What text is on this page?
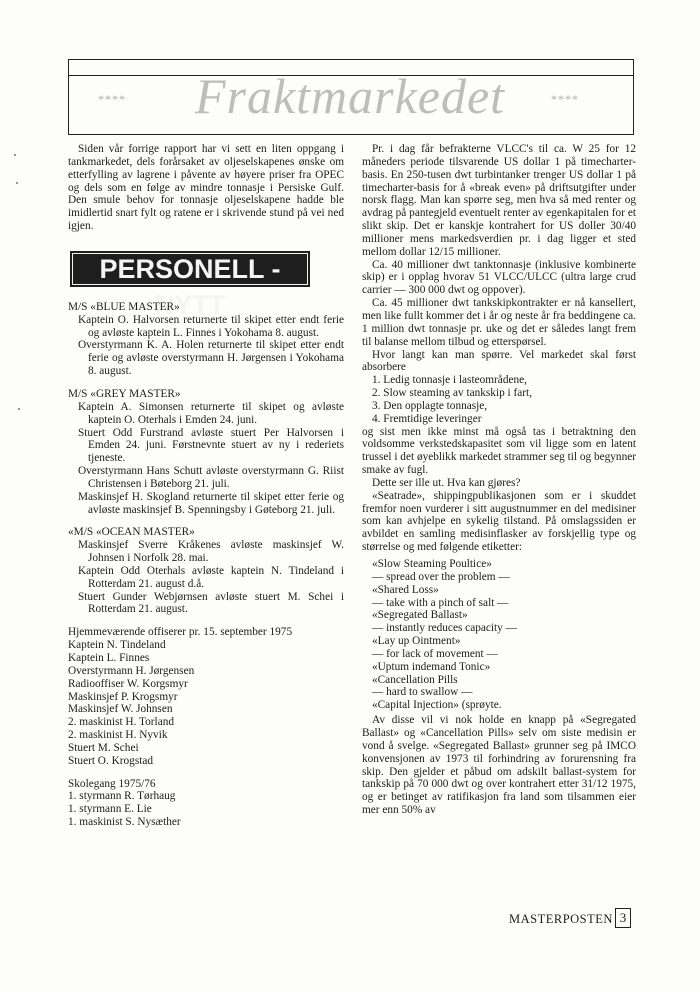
****	Fraktmarkedet	****

Siden vår forrige rapport har vi sett en liten oppgang i tankmarkedet, dels forårsaket av oljeselskapenes ønske om etterfylling av lagrene i påvente av høyere priser fra OPEC og dels som en følge av mindre tonnasje i Persiske Gulf. Den smule behov for tonnasje oljeselskapene hadde ble imidlertid snart fylt og ratene er i skrivende stund på vei ned igjen.

PERSONELL - NYTT

M/S «BLUE MASTER»

Kaptein O. Halvorsen returnerte til skipet etter endt ferie og avløste kaptein L. Finnes i Yokohama 8. august.

Overstyrmann K. A. Holen returnerte til skipet etter endt ferie og avløste overstyrmann H. Jørgensen i Yokohama 8. august.

M/S «GREY MASTER»

Kaptein A. Simonsen returnerte til skipet og avløste kaptein O. Oterhals i Emden 24. juni.

Stuert Odd Furstrand avløste stuert Per Halvorsen i Emden 24. juni. Førstnevnte stuert av ny i rederiets tjeneste.

Overstyrmann Hans Schutt avløste overstyrmann G. Riist Christensen i Bøteborg 21. juli.

Maskinsjef H. Skogland returnerte til skipet etter ferie og avløste maskinsjef B. Spenningsby i Gøteborg 21. juli.

«M/S «OCEAN MASTER»

Maskinsjef Sverre Kråkenes avløste maskinsjef W. Johnsen i Norfolk 28. mai.

Kaptein Odd Oterhals avløste kaptein N. Tindeland i Rotterdam 21. august d.å.

Stuert Gunder Webjørnsen avløste stuert M. Schei i Rotterdam 21. august.

Hjemmeværende offiserer pr. 15. september 1975

Kaptein N. Tindeland
Kaptein L. Finnes
Overstyrmann H. Jørgensen
Radiooffiser W. Korgsmyr
Maskinsjef P. Krogsmyr
Maskinsjef W. Johnsen
2. maskinist H. Torland
2. maskinist H. Nyvik
Stuert M. Schei
Stuert O. Krogstad

Skolegang 1975/76

1. styrmann R. Tørhaug
1. styrmann E. Lie
1. maskinist S. Nysæther

Pr. i dag får befrakterne VLCC's til ca. W 25 for 12 måneders periode tilsvarende US dollar 1 på timecharter-basis. En 250-tusen dwt turbintanker trenger US dollar 1 på timecharter-basis for å «break even» på driftsutgifter under norsk flagg. Man kan spørre seg, men hva så med renter og avdrag på pantegjeld eventuelt renter av egenkapitalen for et slikt skip. Det er kanskje kontrahert for US doller 30/40 millioner mens markedsverdien pr. i dag ligger et sted mellom dollar 12/15 millioner.

Ca. 40 millioner dwt tanktonnasje (inklusive kombinerte skip) er i opplag hvorav 51 VLCC/ULCC (ultra large crud carrier — 300 000 dwt og oppover).

Ca. 45 millioner dwt tankskipkontrakter er nå kansellert, men like fullt kommer det i år og neste år fra beddingene ca. 1 million dwt tonnasje pr. uke og det er således langt frem til balanse mellom tilbud og etterspørsel.

Hvor langt kan man spørre. Vel markedet skal først absorbere

1. Ledig tonnasje i lasteområdene,
2. Slow steaming av tankskip i fart,
3. Den opplagte tonnasje,
4. Fremtidige leveringer

og sist men ikke minst må også tas i betraktning den voldsomme verkstedskapasitet som vil ligge som en latent trussel i det øyeblikk markedet strammer seg til og begynner smake av fugl.

Dette ser ille ut. Hva kan gjøres?

«Seatrade», shippingpublikasjonen som er i skuddet fremfor noen vurderer i sitt augustnummer en del medisiner som kan avhjelpe en sykelig tilstand. På omslagssiden er avbildet en samling medisinflasker av forskjellig type og størrelse og med følgende etiketter:

«Slow Steaming Poultice»
— spread over the problem —
«Shared Loss»
— take with a pinch of salt —
«Segregated Ballast»
— instantly reduces capacity —
«Lay up Ointment»
— for lack of movement —
«Uptum indemand Tonic»
«Cancellation Pills
— hard to swallow —
«Capital Injection» (sprøyte.

Av disse vil vi nok holde en knapp på «Segregated Ballast» og «Cancellation Pills» selv om siste medisin er vond å svelge. «Segregated Ballast» grunner seg på IMCO konvensjonen av 1973 til forhindring av forurensning fra skip. Den gjelder et påbud om adskilt ballast-system for tankskip på 70 000 dwt og over kontrahert etter 31/12 1975, og er betinget av ratifikasjon fra land som tilsammen eier mer enn 50% av

MASTERPOSTEN 3
